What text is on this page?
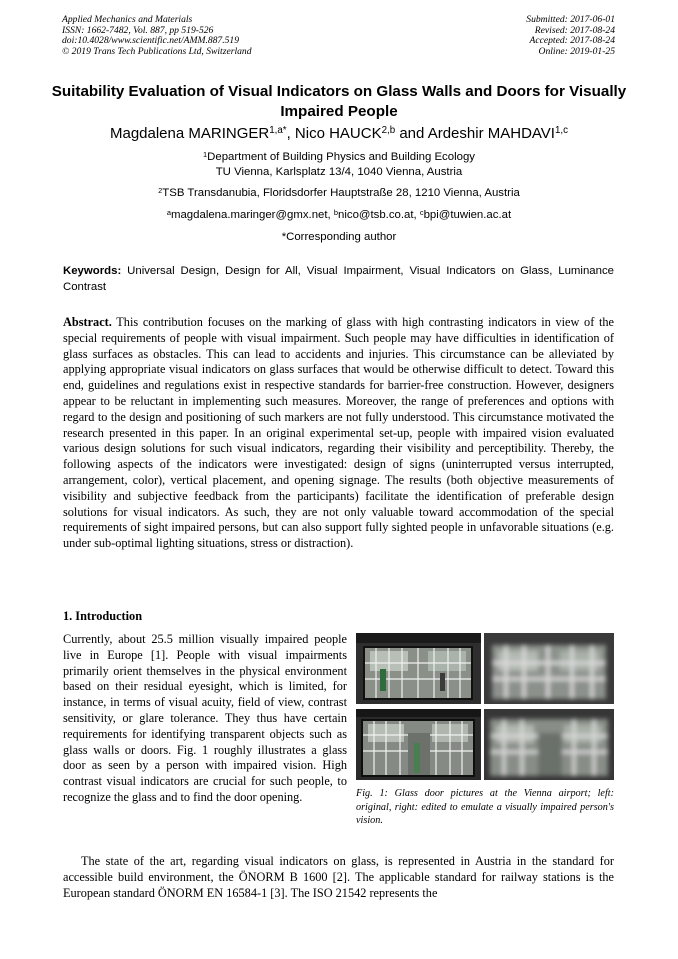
Applied Mechanics and Materials
ISSN: 1662-7482, Vol. 887, pp 519-526
doi:10.4028/www.scientific.net/AMM.887.519
© 2019 Trans Tech Publications Ltd, Switzerland
Submitted: 2017-06-01
Revised: 2017-08-24
Accepted: 2017-08-24
Online: 2019-01-25
Suitability Evaluation of Visual Indicators on Glass Walls and Doors for Visually Impaired People
Magdalena $MARINGER^{1,a*}$, Nico HAUCK$^{2,b}$ and Ardeshir MAHDAVI$^{1,c}$
$^1$Department of Building Physics and Building Ecology
TU Vienna, Karlsplatz 13/4, 1040 Vienna, Austria
$^2$TSB Transdanubia, Floridsdorfer Hauptstraße 28, 1210 Vienna, Austria
$^a$magdalena.maringer@gmx.net, $^b$nico@tsb.co.at, $^c$bpi@tuwien.ac.at
*Corresponding author
Keywords: Universal Design, Design for All, Visual Impairment, Visual Indicators on Glass, Luminance Contrast
Abstract. This contribution focuses on the marking of glass with high contrasting indicators in view of the special requirements of people with visual impairment. Such people may have difficulties in identification of glass surfaces as obstacles. This can lead to accidents and injuries. This circumstance can be alleviated by applying appropriate visual indicators on glass surfaces that would be otherwise difficult to detect. Toward this end, guidelines and regulations exist in respective standards for barrier-free construction. However, designers appear to be reluctant in implementing such measures. Moreover, the range of preferences and options with regard to the design and positioning of such markers are not fully understood. This circumstance motivated the research presented in this paper. In an original experimental set-up, people with impaired vision evaluated various design solutions for such visual indicators, regarding their visibility and perceptibility. Thereby, the following aspects of the indicators were investigated: design of signs (uninterrupted versus interrupted, arrangement, color), vertical placement, and opening signage. The results (both objective measurements of visibility and subjective feedback from the participants) facilitate the identification of preferable design solutions for visual indicators. As such, they are not only valuable toward accommodation of the special requirements of sight impaired persons, but can also support fully sighted people in unfavorable situations (e.g. under sub-optimal lighting situations, stress or distraction).
1. Introduction
Currently, about 25.5 million visually impaired people live in Europe [1]. People with visual impairments primarily orient themselves in the physical environment based on their residual eyesight, which is limited, for instance, in terms of visual acuity, field of view, contrast sensitivity, or glare tolerance. They thus have certain requirements for identifying transparent objects such as glass walls or doors. Fig. 1 roughly illustrates a glass door as seen by a person with impaired vision. High contrast visual indicators are crucial for such people, to recognize the glass and to find the door opening.	Fig. 1: Glass door pictures at the Vienna airport; left: original, right: edited to emulate a visually impaired person's vision.
The state of the art, regarding visual indicators on glass, is represented in Austria in the standard for accessible build environment, the ÖNORM B 1600 [2]. The applicable standard for railway stations is the European standard ÖNORM EN 16584-1 [3]. The ISO 21542 represents the
